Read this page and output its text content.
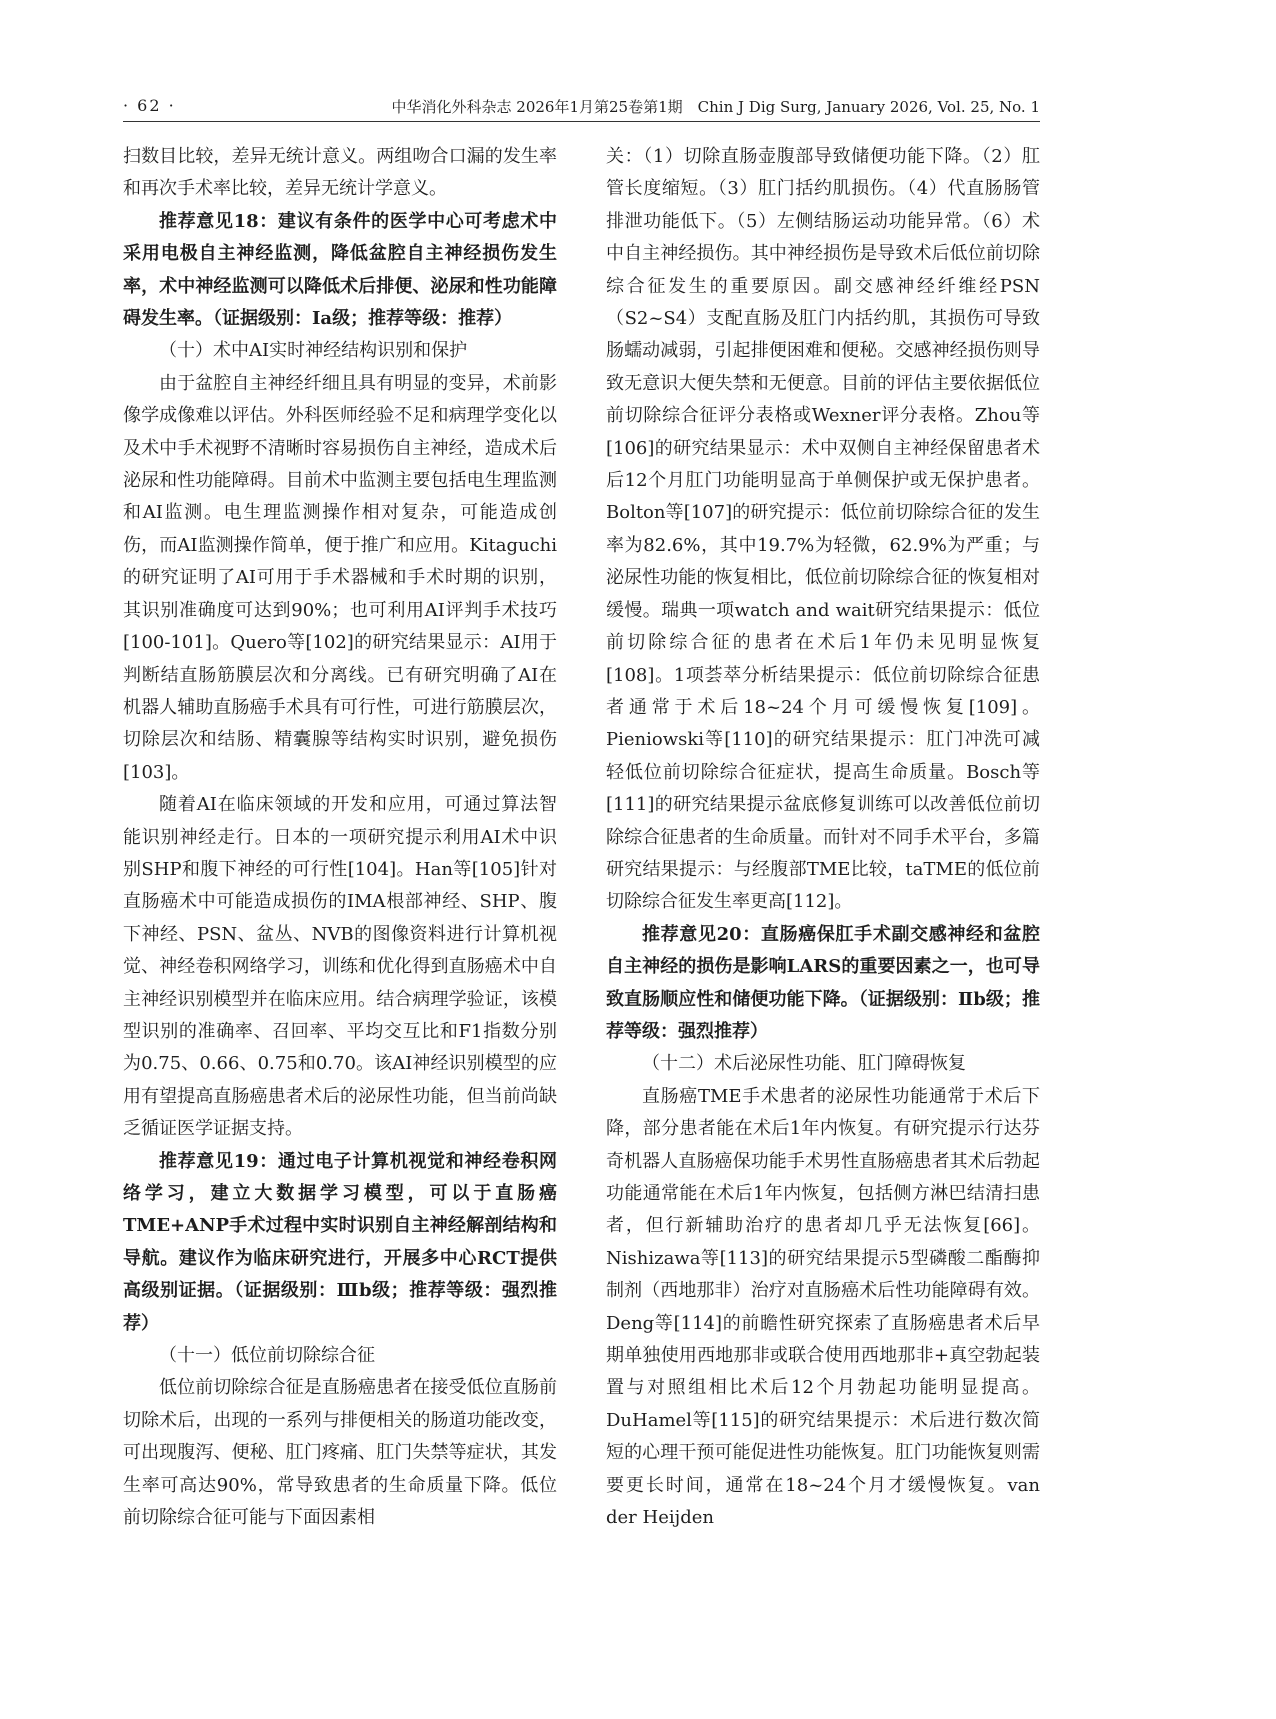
· 62 ·	中华消化外科杂志 2026年1月第25卷第1期　Chin J Dig Surg, January 2026, Vol. 25, No. 1

扫数目比较，差异无统计意义。两组吻合口漏的发生率和再次手术率比较，差异无统计学意义。

推荐意见18：建议有条件的医学中心可考虑术中采用电极自主神经监测，降低盆腔自主神经损伤发生率，术中神经监测可以降低术后排便、泌尿和性功能障碍发生率。（证据级别：Ⅰa级；推荐等级：推荐）

（十）术中AI实时神经结构识别和保护

由于盆腔自主神经纤细且具有明显的变异，术前影像学成像难以评估。外科医师经验不足和病理学变化以及术中手术视野不清晰时容易损伤自主神经，造成术后泌尿和性功能障碍。目前术中监测主要包括电生理监测和AI监测。电生理监测操作相对复杂，可能造成创伤，而AI监测操作简单，便于推广和应用。Kitaguchi的研究证明了AI可用于手术器械和手术时期的识别，其识别准确度可达到90%；也可利用AI评判手术技巧[100-101]。Quero等[102]的研究结果显示：AI用于判断结直肠筋膜层次和分离线。已有研究明确了AI在机器人辅助直肠癌手术具有可行性，可进行筋膜层次，切除层次和结肠、精囊腺等结构实时识别，避免损伤[103]。

随着AI在临床领域的开发和应用，可通过算法智能识别神经走行。日本的一项研究提示利用AI术中识别SHP和腹下神经的可行性[104]。Han等[105]针对直肠癌术中可能造成损伤的IMA根部神经、SHP、腹下神经、PSN、盆丛、NVB的图像资料进行计算机视觉、神经卷积网络学习，训练和优化得到直肠癌术中自主神经识别模型并在临床应用。结合病理学验证，该模型识别的准确率、召回率、平均交互比和F1指数分别为0.75、0.66、0.75和0.70。该AI神经识别模型的应用有望提高直肠癌患者术后的泌尿性功能，但当前尚缺乏循证医学证据支持。

推荐意见19：通过电子计算机视觉和神经卷积网络学习，建立大数据学习模型，可以于直肠癌TME+ANP手术过程中实时识别自主神经解剖结构和导航。建议作为临床研究进行，开展多中心RCT提供高级别证据。（证据级别：Ⅲb级；推荐等级：强烈推荐）

（十一）低位前切除综合征

低位前切除综合征是直肠癌患者在接受低位直肠前切除术后，出现的一系列与排便相关的肠道功能改变，可出现腹泻、便秘、肛门疼痛、肛门失禁等症状，其发生率可高达90%，常导致患者的生命质量下降。低位前切除综合征可能与下面因素相

关：（1）切除直肠壶腹部导致储便功能下降。（2）肛管长度缩短。（3）肛门括约肌损伤。（4）代直肠肠管排泄功能低下。（5）左侧结肠运动功能异常。（6）术中自主神经损伤。其中神经损伤是导致术后低位前切除综合征发生的重要原因。副交感神经纤维经PSN（S2~S4）支配直肠及肛门内括约肌，其损伤可导致肠蠕动减弱，引起排便困难和便秘。交感神经损伤则导致无意识大便失禁和无便意。目前的评估主要依据低位前切除综合征评分表格或Wexner评分表格。Zhou等[106]的研究结果显示：术中双侧自主神经保留患者术后12个月肛门功能明显高于单侧保护或无保护患者。Bolton等[107]的研究提示：低位前切除综合征的发生率为82.6%，其中19.7%为轻微，62.9%为严重；与泌尿性功能的恢复相比，低位前切除综合征的恢复相对缓慢。瑞典一项watch and wait研究结果提示：低位前切除综合征的患者在术后1年仍未见明显恢复[108]。1项荟萃分析结果提示：低位前切除综合征患者通常于术后18~24个月可缓慢恢复[109]。Pieniowski等[110]的研究结果提示：肛门冲洗可减轻低位前切除综合征症状，提高生命质量。Bosch等[111]的研究结果提示盆底修复训练可以改善低位前切除综合征患者的生命质量。而针对不同手术平台，多篇研究结果提示：与经腹部TME比较，taTME的低位前切除综合征发生率更高[112]。

推荐意见20：直肠癌保肛手术副交感神经和盆腔自主神经的损伤是影响LARS的重要因素之一，也可导致直肠顺应性和储便功能下降。（证据级别：Ⅱb级；推荐等级：强烈推荐）

（十二）术后泌尿性功能、肛门障碍恢复

直肠癌TME手术患者的泌尿性功能通常于术后下降，部分患者能在术后1年内恢复。有研究提示行达芬奇机器人直肠癌保功能手术男性直肠癌患者其术后勃起功能通常能在术后1年内恢复，包括侧方淋巴结清扫患者，但行新辅助治疗的患者却几乎无法恢复[66]。Nishizawa等[113]的研究结果提示5型磷酸二酯酶抑制剂（西地那非）治疗对直肠癌术后性功能障碍有效。Deng等[114]的前瞻性研究探索了直肠癌患者术后早期单独使用西地那非或联合使用西地那非+真空勃起装置与对照组相比术后12个月勃起功能明显提高。DuHamel等[115]的研究结果提示：术后进行数次简短的心理干预可能促进性功能恢复。肛门功能恢复则需要更长时间，通常在18~24个月才缓慢恢复。van der Heijden
